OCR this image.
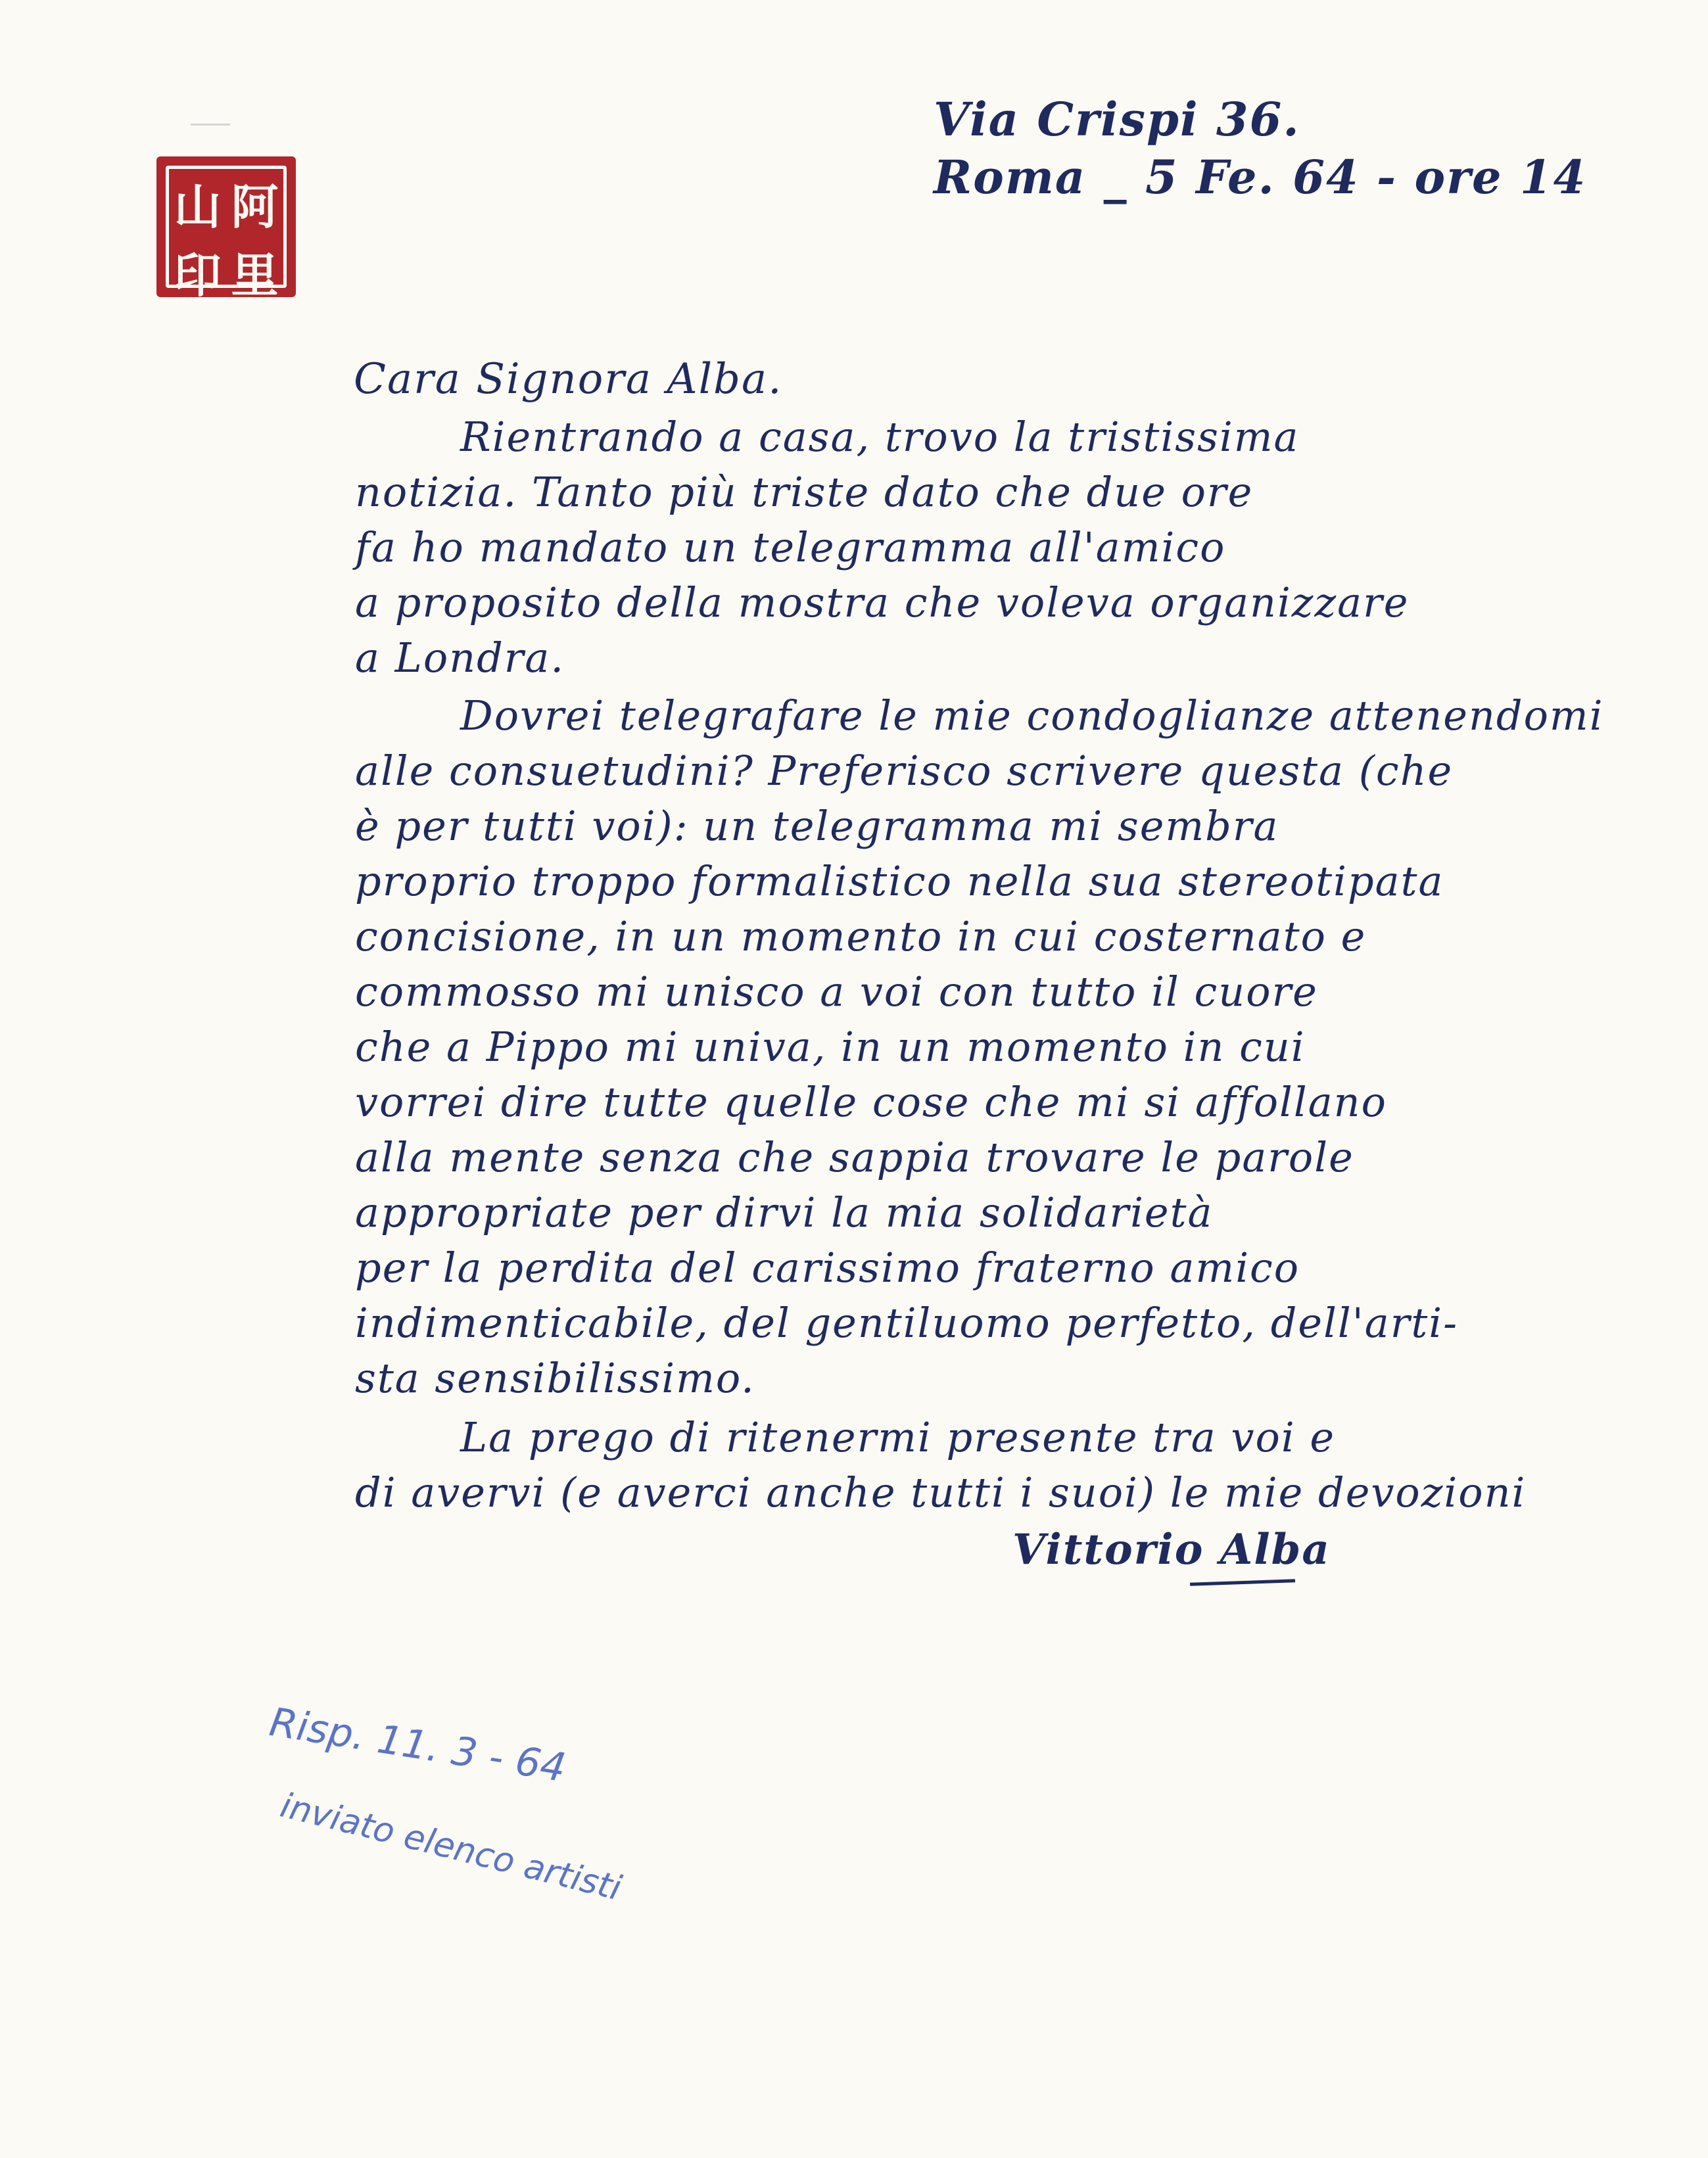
山 阿
印 里
Via Crispi 36.
Roma _ 5 Fe. 64 - ore 14
Cara Signora Alba.
Rientrando a casa, trovo la tristissima
notizia. Tanto più triste dato che due ore
fa ho mandato un telegramma all'amico
a proposito della mostra che voleva organizzare
a Londra.
Dovrei telegrafare le mie condoglianze attenendomi
alle consuetudini? Preferisco scrivere questa (che
è per tutti voi): un telegramma mi sembra
proprio troppo formalistico nella sua stereotipata
concisione, in un momento in cui costernato e
commosso mi unisco a voi con tutto il cuore
che a Pippo mi univa, in un momento in cui
vorrei dire tutte quelle cose che mi si affollano
alla mente senza che sappia trovare le parole
appropriate per dirvi la mia solidarietà
per la perdita del carissimo fraterno amico
indimenticabile, del gentiluomo perfetto, dell'arti-
sta sensibilissimo.
La prego di ritenermi presente tra voi e
di avervi (e averci anche tutti i suoi) le mie devozioni
Vittorio Alba
Risp. 11. 3 - 64
inviato elenco artisti
